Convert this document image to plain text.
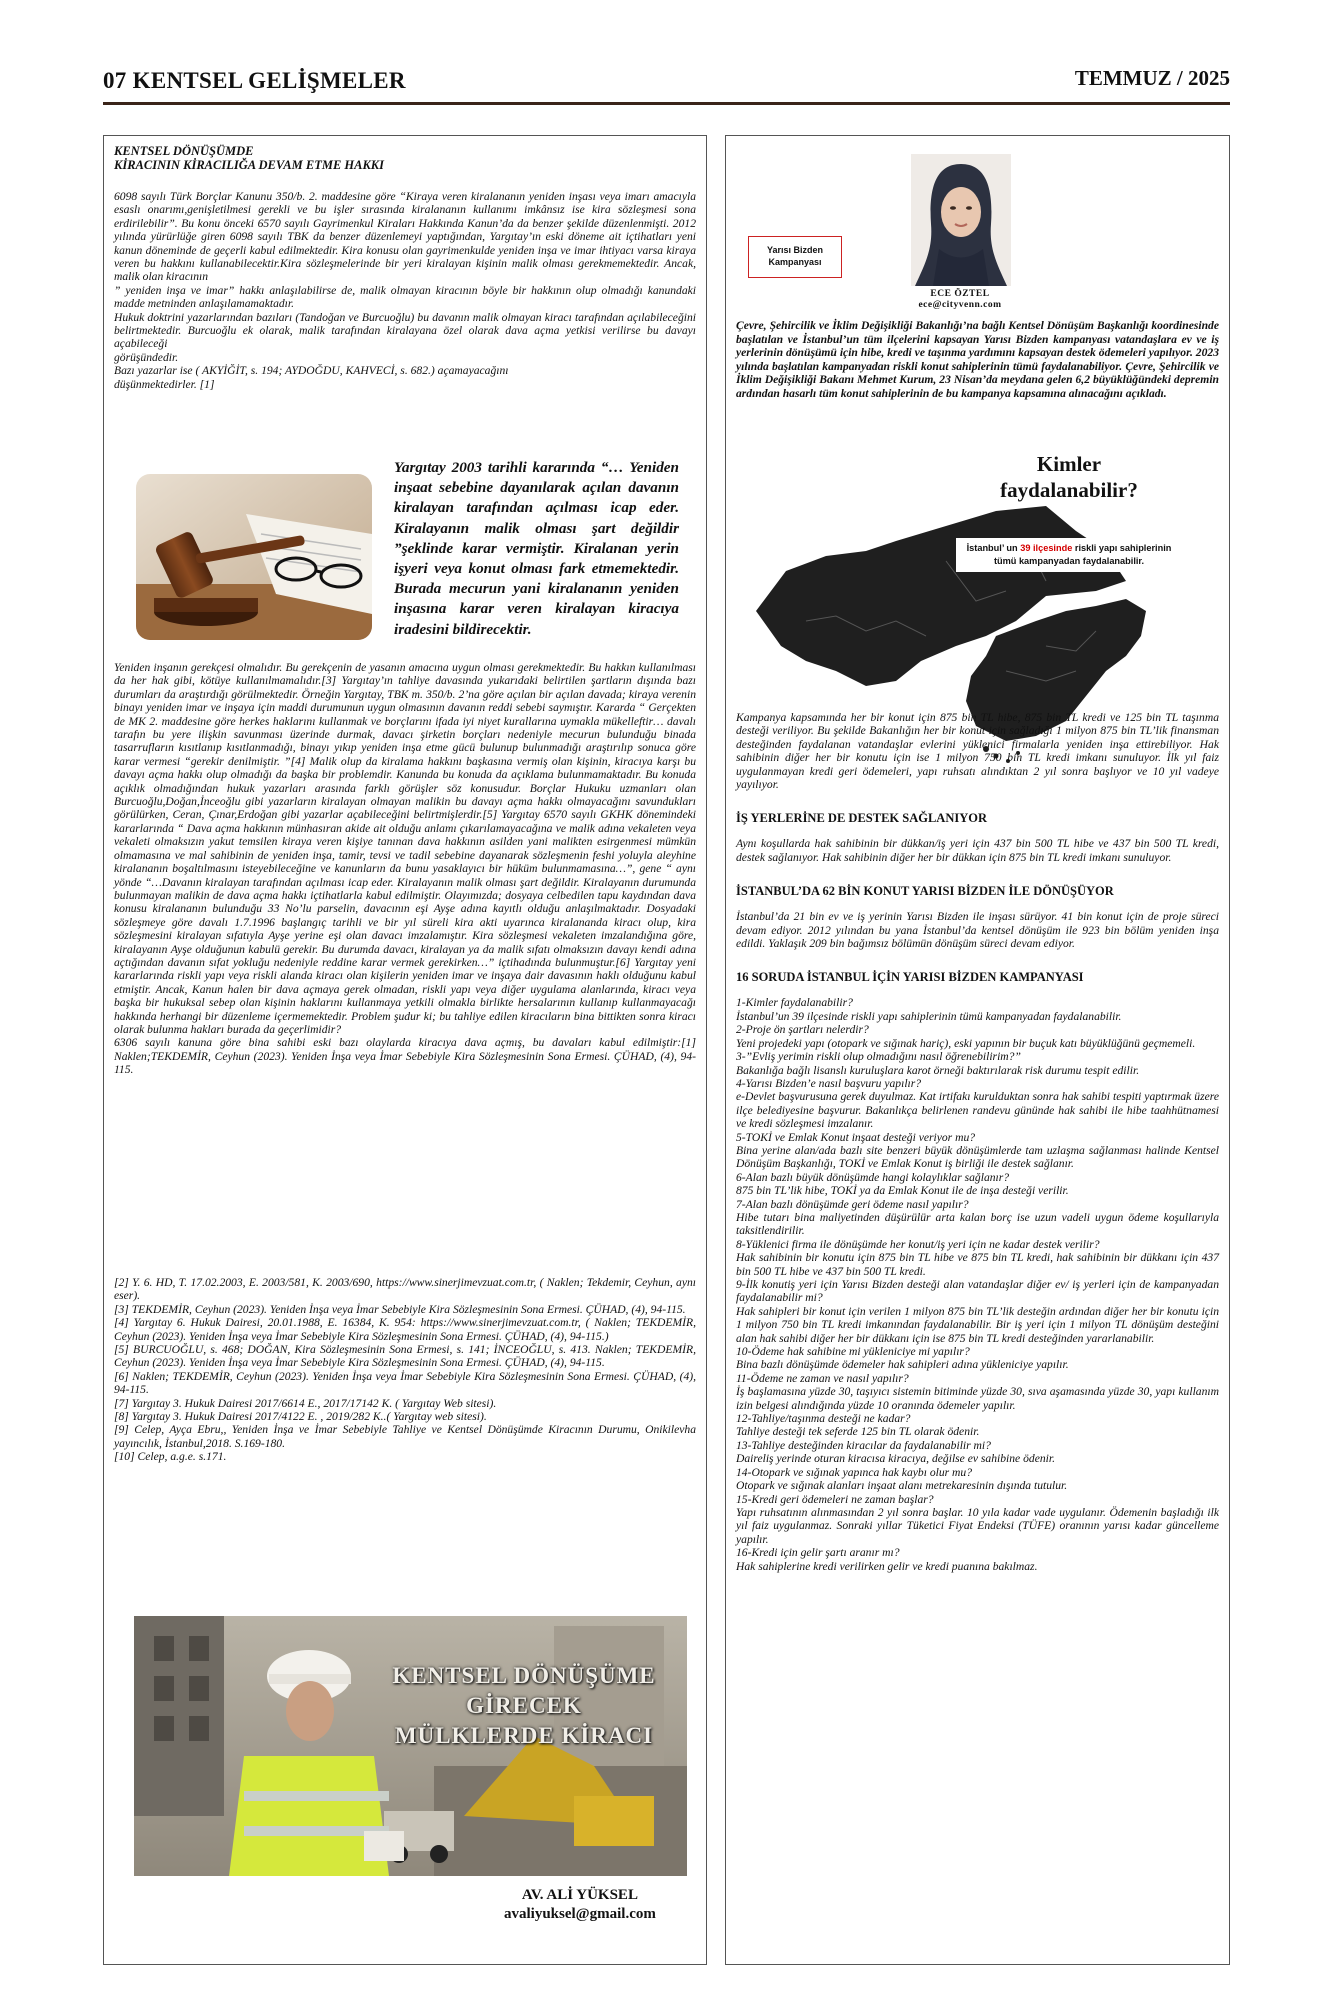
07 KENTSEL GELİŞMELER	TEMMUZ / 2025
KENTSEL DÖNÜŞÜMDE
KİRACININ KİRACILIĞA DEVAM ETME HAKKI

6098 sayılı Türk Borçlar Kanunu 350/b. 2. maddesine göre “Kiraya veren kiralananın yeniden inşası veya imarı amacıyla esaslı onarımı,genişletilmesi gerekli ve bu işler sırasında kiralananın kullanımı imkânsız ise kira sözleşmesi sona erdirilebilir”. Bu konu önceki 6570 sayılı Gayrimenkul Kiraları Hakkında Kanun’da da benzer şekilde düzenlenmişti. 2012 yılında yürürlüğe giren 6098 sayılı TBK da benzer düzenlemeyi yaptığından, Yargıtay’ın eski döneme ait içtihatları yeni kanun döneminde de geçerli kabul edilmektedir. Kira konusu olan gayrimenkulde yeniden inşa ve imar ihtiyacı varsa kiraya veren bu hakkını kullanabilecektir.Kira sözleşmelerinde bir yeri kiralayan kişinin malik olması gerekmemektedir. Ancak, malik olan kiracının

” yeniden inşa ve imar” hakkı anlaşılabilirse de, malik olmayan kiracının böyle bir hakkının olup olmadığı kanundaki madde metninden anlaşılamamaktadır.

Hukuk doktrini yazarlarından bazıları (Tandoğan ve Burcuoğlu) bu davanın malik olmayan kiracı tarafından açılabileceğini belirtmektedir. Burcuoğlu ek olarak, malik tarafından kiralayana özel olarak dava açma yetkisi verilirse bu davayı açabileceği

görüşündedir.

Bazı yazarlar ise ( AKYİĞİT, s. 194; AYDOĞDU, KAHVECİ, s. 682.) açamayacağını

düşünmektedirler. [1]

Yargıtay 2003 tarihli kararında “… Yeniden inşaat sebebine dayanılarak açılan davanın kiralayan tarafından açılması icap eder. Kiralayanın malik olması şart değildir ”şeklinde karar vermiştir. Kiralanan yerin işyeri veya konut olması fark etmemektedir. Burada mecurun yani kiralananın yeniden inşasına karar veren kiralayan kiracıya iradesini bildirecektir.

Yeniden inşanın gerekçesi olmalıdır. Bu gerekçenin de yasanın amacına uygun olması gerekmektedir. Bu hakkın kullanılması da her hak gibi, kötüye kullanılmamalıdır.[3] Yargıtay’ın tahliye davasında yukarıdaki belirtilen şartların dışında bazı durumları da araştırdığı görülmektedir. Örneğin Yargıtay, TBK m. 350/b. 2’na göre açılan bir açılan davada; kiraya verenin binayı yeniden imar ve inşaya için maddi durumunun uygun olmasının davanın reddi sebebi saymıştır. Kararda “ Gerçekten de MK 2. maddesine göre herkes haklarını kullanmak ve borçlarını ifada iyi niyet kurallarına uymakla mükelleftir… davalı tarafın bu yere ilişkin savunması üzerinde durmak, davacı şirketin borçları nedeniyle mecurun bulunduğu binada tasarrufların kısıtlanıp kısıtlanmadığı, binayı yıkıp yeniden inşa etme gücü bulunup bulunmadığı araştırılıp sonuca göre karar vermesi “gerekir denilmiştir. ”[4] Malik olup da kiralama hakkını başkasına vermiş olan kişinin, kiracıya karşı bu davayı açma hakkı olup olmadığı da başka bir problemdir. Kanunda bu konuda da açıklama bulunmamaktadır. Bu konuda açıklık olmadığından hukuk yazarları arasında farklı görüşler söz konusudur. Borçlar Hukuku uzmanları olan Burcuoğlu,Doğan,İnceoğlu gibi yazarların kiralayan olmayan malikin bu davayı açma hakkı olmayacağını savundukları görülürken, Ceran, Çınar,Erdoğan gibi yazarlar açabileceğini belirtmişlerdir.[5] Yargıtay 6570 sayılı GKHK dönemindeki kararlarında “ Dava açma hakkının münhasıran akide ait olduğu anlamı çıkarılamayacağına ve malik adına vekaleten veya vekaleti olmaksızın yakut temsilen kiraya veren kişiye tanınan dava hakkının asilden yani malikten esirgenmesi mümkün olmamasına ve mal sahibinin de yeniden inşa, tamir, tevsi ve tadil sebebine dayanarak sözleşmenin feshi yoluyla aleyhine kiralananın boşaltılmasını isteyebileceğine ve kanunların da bunu yasaklayıcı bir hüküm bulunmamasına…”, gene “ aynı yönde “…Davanın kiralayan tarafından açılması icap eder. Kiralayanın malik olması şart değildir. Kiralayanın durumunda bulunmayan malikin de dava açma hakkı içtihatlarla kabul edilmiştir. Olayımızda; dosyaya celbedilen tapu kaydından dava konusu kiralananın bulunduğu 33 No’lu parselin, davacının eşi Ayşe adına kayıtlı olduğu anlaşılmaktadır. Dosyadaki sözleşmeye göre davalı 1.7.1996 başlangıç tarihli ve bir yıl süreli kira akti uyarınca kiralananda kiracı olup, kira sözleşmesini kiralayan sıfatıyla Ayşe yerine eşi olan davacı imzalamıştır. Kira sözleşmesi vekaleten imzalandığına göre, kiralayanın Ayşe olduğunun kabulü gerekir. Bu durumda davacı, kiralayan ya da malik sıfatı olmaksızın davayı kendi adına açtığından davanın sıfat yokluğu nedeniyle reddine karar vermek gerekirken…” içtihadında bulunmuştur.[6] Yargıtay yeni kararlarında riskli yapı veya riskli alanda kiracı olan kişilerin yeniden imar ve inşaya dair davasının haklı olduğunu kabul etmiştir. Ancak, Kanun halen bir dava açmaya gerek olmadan, riskli yapı veya diğer uygulama alanlarında, kiracı veya başka bir hukuksal sebep olan kişinin haklarını kullanmaya yetkili olmakla birlikte hersalarının kullanıp kullanmayacağı hakkında herhangi bir düzenleme içermemektedir. Problem şudur ki; bu tahliye edilen kiracıların bina bittikten sonra kiracı olarak bulunma hakları burada da geçerlimidir?

6306 sayılı kanuna göre bina sahibi eski bazı olaylarda kiracıya dava açmış, bu davaları kabul edilmiştir:[1] Naklen;TEKDEMİR, Ceyhun (2023). Yeniden İnşa veya İmar Sebebiyle Kira Sözleşmesinin Sona Ermesi. ÇÜHAD, (4), 94-115.

[2] Y. 6. HD, T. 17.02.2003, E. 2003/581, K. 2003/690, https://www.sinerjimevzuat.com.tr, ( Naklen; Tekdemir, Ceyhun, aynı eser).

[3] TEKDEMİR, Ceyhun (2023). Yeniden İnşa veya İmar Sebebiyle Kira Sözleşmesinin Sona Ermesi. ÇÜHAD, (4), 94-115.

[4] Yargıtay 6. Hukuk Dairesi, 20.01.1988, E. 16384, K. 954: https://www.sinerjimevzuat.com.tr, ( Naklen; TEKDEMİR, Ceyhun (2023). Yeniden İnşa veya İmar Sebebiyle Kira Sözleşmesinin Sona Ermesi. ÇÜHAD, (4), 94-115.)

[5] BURCUOĞLU, s. 468; DOĞAN, Kira Sözleşmesinin Sona Ermesi, s. 141; İNCEOĞLU, s. 413. Naklen; TEKDEMİR, Ceyhun (2023). Yeniden İnşa veya İmar Sebebiyle Kira Sözleşmesinin Sona Ermesi. ÇÜHAD, (4), 94-115.

[6] Naklen; TEKDEMİR, Ceyhun (2023). Yeniden İnşa veya İmar Sebebiyle Kira Sözleşmesinin Sona Ermesi. ÇÜHAD, (4), 94-115.

[7] Yargıtay 3. Hukuk Dairesi 2017/6614 E., 2017/17142 K. ( Yargıtay Web sitesi).

[8] Yargıtay 3. Hukuk Dairesi 2017/4122 E. , 2019/282 K..( Yargıtay web sitesi).

[9] Celep, Ayça Ebru,, Yeniden İnşa ve İmar Sebebiyle Tahliye ve Kentsel Dönüşümde Kiracının Durumu, Onikilevha yayıncılık, İstanbul,2018. S.169-180.

[10] Celep, a.g.e. s.171.

KENTSEL DÖNÜŞÜME GİRECEK MÜLKLERDE KİRACI
AV. ALİ YÜKSEL
avaliyuksel@gmail.com
Yarısı Bizden
Kampanyası
ECE ÖZTEL
ece@cityvenn.com
Çevre, Şehircilik ve İklim Değişikliği Bakanlığı’na bağlı Kentsel Dönüşüm Başkanlığı koordinesinde başlatılan ve İstanbul’un tüm ilçelerini kapsayan Yarısı Bizden kampanyası vatandaşlara ev ve iş yerlerinin dönüşümü için hibe, kredi ve taşınma yardımını kapsayan destek ödemeleri yapılıyor. 2023 yılında başlatılan kampanyadan riskli konut sahiplerinin tümü faydalanabiliyor. Çevre, Şehircilik ve İklim Değişikliği Bakanı Mehmet Kurum, 23 Nisan’da meydana gelen 6,2 büyüklüğündeki depremin ardından hasarlı tüm konut sahiplerinin de bu kampanya kapsamına alınacağını açıkladı.
Kimler faydalanabilir?
İstanbul’ un 39 ilçesinde riskli yapı sahiplerinin tümü kampanyadan faydalanabilir.

Kampanya kapsamında her bir konut için 875 bin TL hibe, 875 bin TL kredi ve 125 bin TL taşınma desteği veriliyor. Bu şekilde Bakanlığın her bir konut için sağladığı 1 milyon 875 bin TL’lik finansman desteğinden faydalanan vatandaşlar evlerini yüklenici firmalarla yeniden inşa ettirebiliyor. Hak sahibinin diğer her bir konutu için ise 1 milyon 750 bin TL kredi imkanı sunuluyor. İlk yıl faiz uygulanmayan kredi geri ödemeleri, yapı ruhsatı alındıktan 2 yıl sonra başlıyor ve 10 yıl vadeye yayılıyor.

İŞ YERLERİNE DE DESTEK SAĞLANIYOR

Aynı koşullarda hak sahibinin bir dükkan/iş yeri için 437 bin 500 TL hibe ve 437 bin 500 TL kredi, destek sağlanıyor. Hak sahibinin diğer her bir dükkan için 875 bin TL kredi imkanı sunuluyor.

İSTANBUL’DA 62 BİN KONUT YARISI BİZDEN İLE DÖNÜŞÜYOR

İstanbul’da 21 bin ev ve iş yerinin Yarısı Bizden ile inşası sürüyor. 41 bin konut için de proje süreci devam ediyor. 2012 yılından bu yana İstanbul’da kentsel dönüşüm ile 923 bin bölüm yeniden inşa edildi. Yaklaşık 209 bin bağımsız bölümün dönüşüm süreci devam ediyor.

16 SORUDA İSTANBUL İÇİN YARISI BİZDEN KAMPANYASI

1-Kimler faydalanabilir?

İstanbul’un 39 ilçesinde riskli yapı sahiplerinin tümü kampanyadan faydalanabilir.

2-Proje ön şartları nelerdir?

Yeni projedeki yapı (otopark ve sığınak hariç), eski yapının bir buçuk katı büyüklüğünü geçmemeli.

3-”Evliş yerimin riskli olup olmadığını nasıl öğrenebilirim?”

Bakanlığa bağlı lisanslı kuruluşlara karot örneği baktırılarak risk durumu tespit edilir.

4-Yarısı Bizden’e nasıl başvuru yapılır?

e-Devlet başvurusuna gerek duyulmaz. Kat irtifakı kurulduktan sonra hak sahibi tespiti yaptırmak üzere ilçe belediyesine başvurur. Bakanlıkça belirlenen randevu gününde hak sahibi ile hibe taahhütnamesi ve kredi sözleşmesi imzalanır.

5-TOKİ ve Emlak Konut inşaat desteği veriyor mu?

Bina yerine alan/ada bazlı site benzeri büyük dönüşümlerde tam uzlaşma sağlanması halinde Kentsel Dönüşüm Başkanlığı, TOKİ ve Emlak Konut iş birliği ile destek sağlanır.

6-Alan bazlı büyük dönüşümde hangi kolaylıklar sağlanır?

875 bin TL’lik hibe, TOKİ ya da Emlak Konut ile de inşa desteği verilir.

7-Alan bazlı dönüşümde geri ödeme nasıl yapılır?

Hibe tutarı bina maliyetinden düşürülür arta kalan borç ise uzun vadeli uygun ödeme koşullarıyla taksitlendirilir.

8-Yüklenici firma ile dönüşümde her konut/iş yeri için ne kadar destek verilir?

Hak sahibinin bir konutu için 875 bin TL hibe ve 875 bin TL kredi, hak sahibinin bir dükkanı için 437 bin 500 TL hibe ve 437 bin 500 TL kredi.

9-İlk konutiş yeri için Yarısı Bizden desteği alan vatandaşlar diğer ev/ iş yerleri için de kampanyadan faydalanabilir mi?

Hak sahipleri bir konut için verilen 1 milyon 875 bin TL’lik desteğin ardından diğer her bir konutu için 1 milyon 750 bin TL kredi imkanından faydalanabilir. Bir iş yeri için 1 milyon TL dönüşüm desteğini alan hak sahibi diğer her bir dükkanı için ise 875 bin TL kredi desteğinden yararlanabilir.

10-Ödeme hak sahibine mi yükleniciye mi yapılır?

Bina bazlı dönüşümde ödemeler hak sahipleri adına yükleniciye yapılır.

11-Ödeme ne zaman ve nasıl yapılır?

İş başlamasına yüzde 30, taşıyıcı sistemin bitiminde yüzde 30, sıva aşamasında yüzde 30, yapı kullanım izin belgesi alındığında yüzde 10 oranında ödemeler yapılır.

12-Tahliye/taşınma desteği ne kadar?

Tahliye desteği tek seferde 125 bin TL olarak ödenir.

13-Tahliye desteğinden kiracılar da faydalanabilir mi?

Daireliş yerinde oturan kiracısa kiracıya, değilse ev sahibine ödenir.

14-Otopark ve sığınak yapınca hak kaybı olur mu?

Otopark ve sığınak alanları inşaat alanı metrekaresinin dışında tutulur.

15-Kredi geri ödemeleri ne zaman başlar?

Yapı ruhsatının alınmasından 2 yıl sonra başlar. 10 yıla kadar vade uygulanır. Ödemenin başladığı ilk yıl faiz uygulanmaz. Sonraki yıllar Tüketici Fiyat Endeksi (TÜFE) oranının yarısı kadar güncelleme yapılır.

16-Kredi için gelir şartı aranır mı?

Hak sahiplerine kredi verilirken gelir ve kredi puanına bakılmaz.
